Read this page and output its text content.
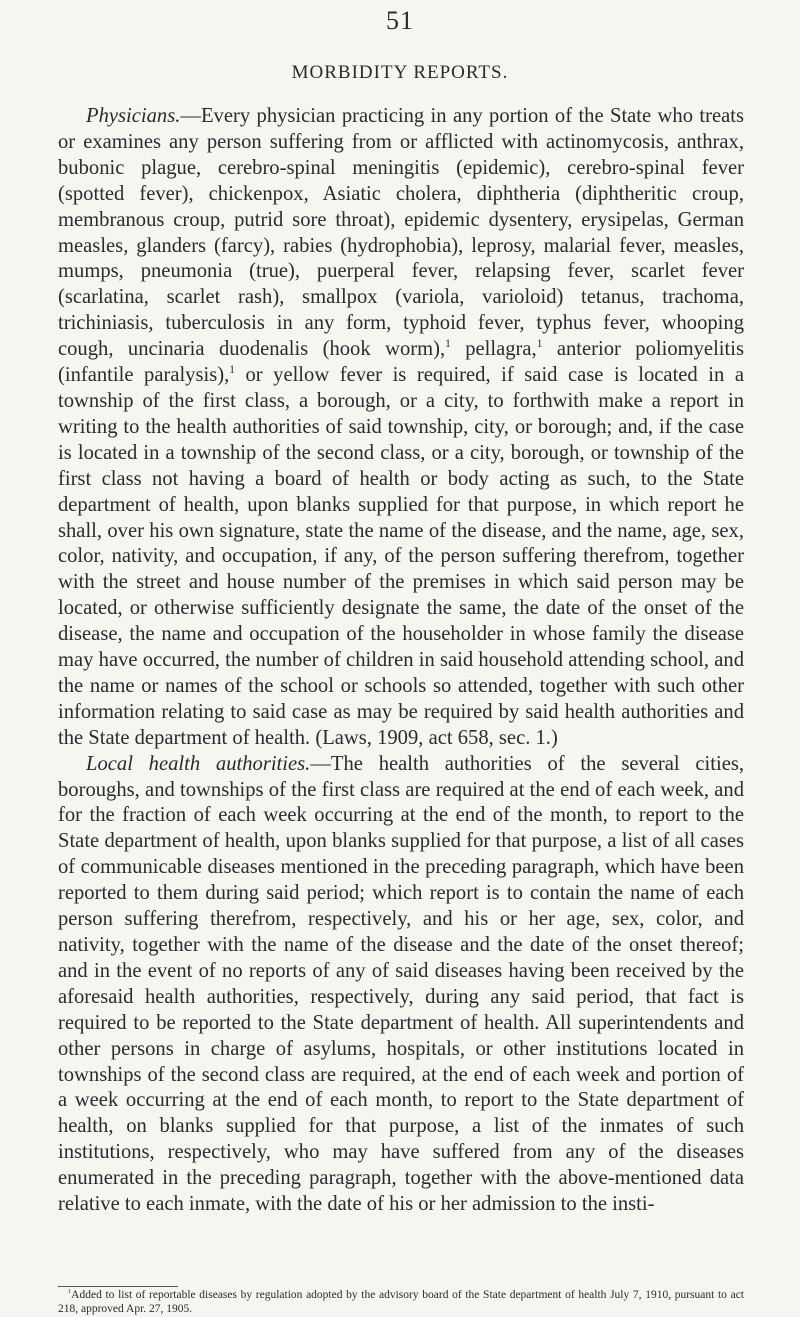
51
MORBIDITY REPORTS.

Physicians.—Every physician practicing in any portion of the State who treats or examines any person suffering from or afflicted with actinomycosis, anthrax, bubonic plague, cerebro-spinal meningitis (epidemic), cerebro-spinal fever (spotted fever), chickenpox, Asiatic cholera, diphtheria (diphtheritic croup, membranous croup, putrid sore throat), epidemic dysentery, erysipelas, German measles, glanders (farcy), rabies (hydrophobia), leprosy, malarial fever, measles, mumps, pneumonia (true), puerperal fever, relapsing fever, scarlet fever (scarlatina, scarlet rash), smallpox (variola, varioloid) tetanus, trachoma, trichiniasis, tuberculosis in any form, typhoid fever, typhus fever, whooping cough, uncinaria duodenalis (hook worm),$^1$ pellagra,$^1$ anterior poliomyelitis (infantile paralysis),$^1$ or yellow fever is required, if said case is located in a township of the first class, a borough, or a city, to forthwith make a report in writing to the health authorities of said township, city, or borough; and, if the case is located in a township of the second class, or a city, borough, or township of the first class not having a board of health or body acting as such, to the State department of health, upon blanks supplied for that purpose, in which report he shall, over his own signature, state the name of the disease, and the name, age, sex, color, nativity, and occupation, if any, of the person suffering therefrom, together with the street and house number of the premises in which said person may be located, or otherwise sufficiently designate the same, the date of the onset of the disease, the name and occupation of the householder in whose family the disease may have occurred, the number of children in said household attending school, and the name or names of the school or schools so attended, together with such other information relating to said case as may be required by said health authorities and the State department of health. (Laws, 1909, act 658, sec. 1.)

Local health authorities.—The health authorities of the several cities, boroughs, and townships of the first class are required at the end of each week, and for the fraction of each week occurring at the end of the month, to report to the State department of health, upon blanks supplied for that purpose, a list of all cases of communicable diseases mentioned in the preceding paragraph, which have been reported to them during said period; which report is to contain the name of each person suffering therefrom, respectively, and his or her age, sex, color, and nativity, together with the name of the disease and the date of the onset thereof; and in the event of no reports of any of said diseases having been received by the aforesaid health authorities, respectively, during any said period, that fact is required to be reported to the State department of health. All superintendents and other persons in charge of asylums, hospitals, or other institutions located in townships of the second class are required, at the end of each week and portion of a week occurring at the end of each month, to report to the State department of health, on blanks supplied for that purpose, a list of the inmates of such institutions, respectively, who may have suffered from any of the diseases enumerated in the preceding paragraph, together with the above-mentioned data relative to each inmate, with the date of his or her admission to the insti-

$^1$Added to list of reportable diseases by regulation adopted by the advisory board of the State department of health July 7, 1910, pursuant to act 218, approved Apr. 27, 1905.
